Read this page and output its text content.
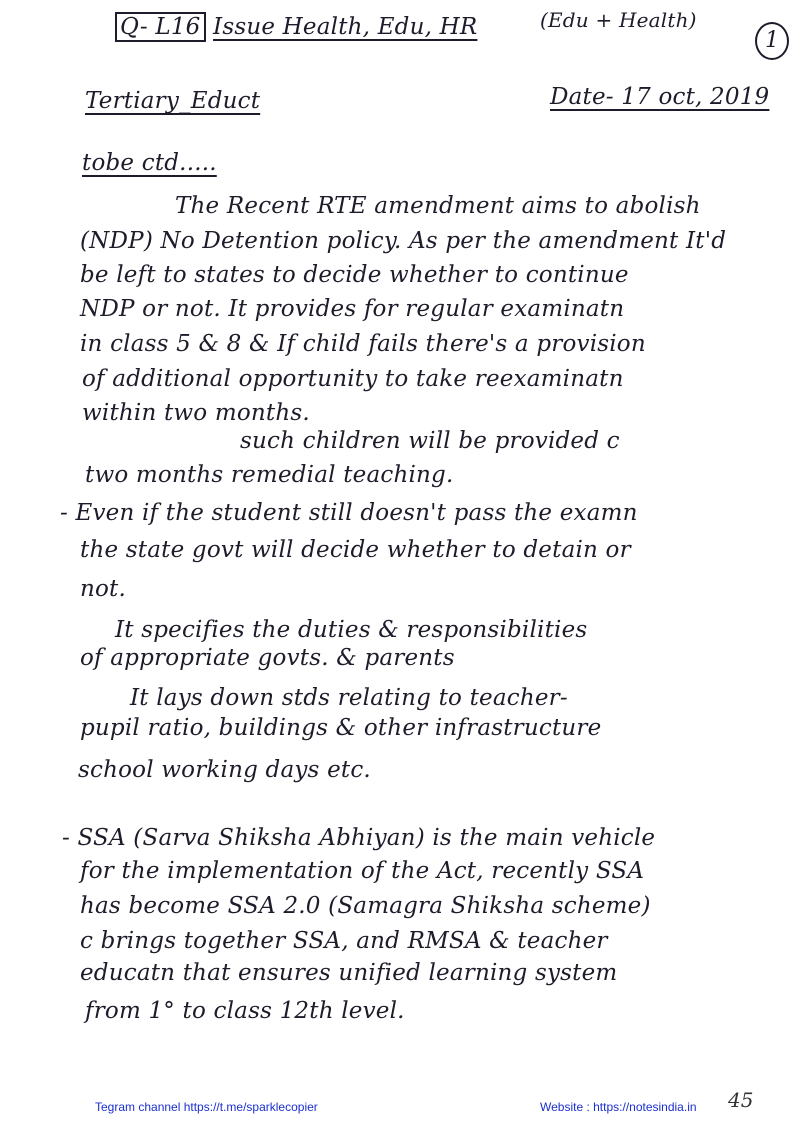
Q- L16 Issue Health, Edu, HR	(Edu + Health)
1
Tertiary_Educt	Date- 17 oct, 2019
tobe ctd.....
The Recent RTE amendment aims to abolish
(NDP) No Detention policy. As per the amendment It'd
be left to states to decide whether to continue
NDP or not. It provides for regular examinatn
in class 5 & 8 & If child fails there's a provision
of additional opportunity to take reexaminatn
within two months.
such children will be provided c
two months remedial teaching.
- Even if the student still doesn't pass the examn
the state govt will decide whether to detain or
not.
It specifies the duties & responsibilities
of appropriate govts. & parents
It lays down stds relating to teacher-
pupil ratio, buildings & other infrastructure
school working days etc.
- SSA (Sarva Shiksha Abhiyan) is the main vehicle
for the implementation of the Act, recently SSA
has become SSA 2.0 (Samagra Shiksha scheme)
c brings together SSA, and RMSA & teacher
educatn that ensures unified learning system
from 1° to class 12th level.
Tegram channel https://t.me/sparklecopier	Website : https://notesindia.in 45
